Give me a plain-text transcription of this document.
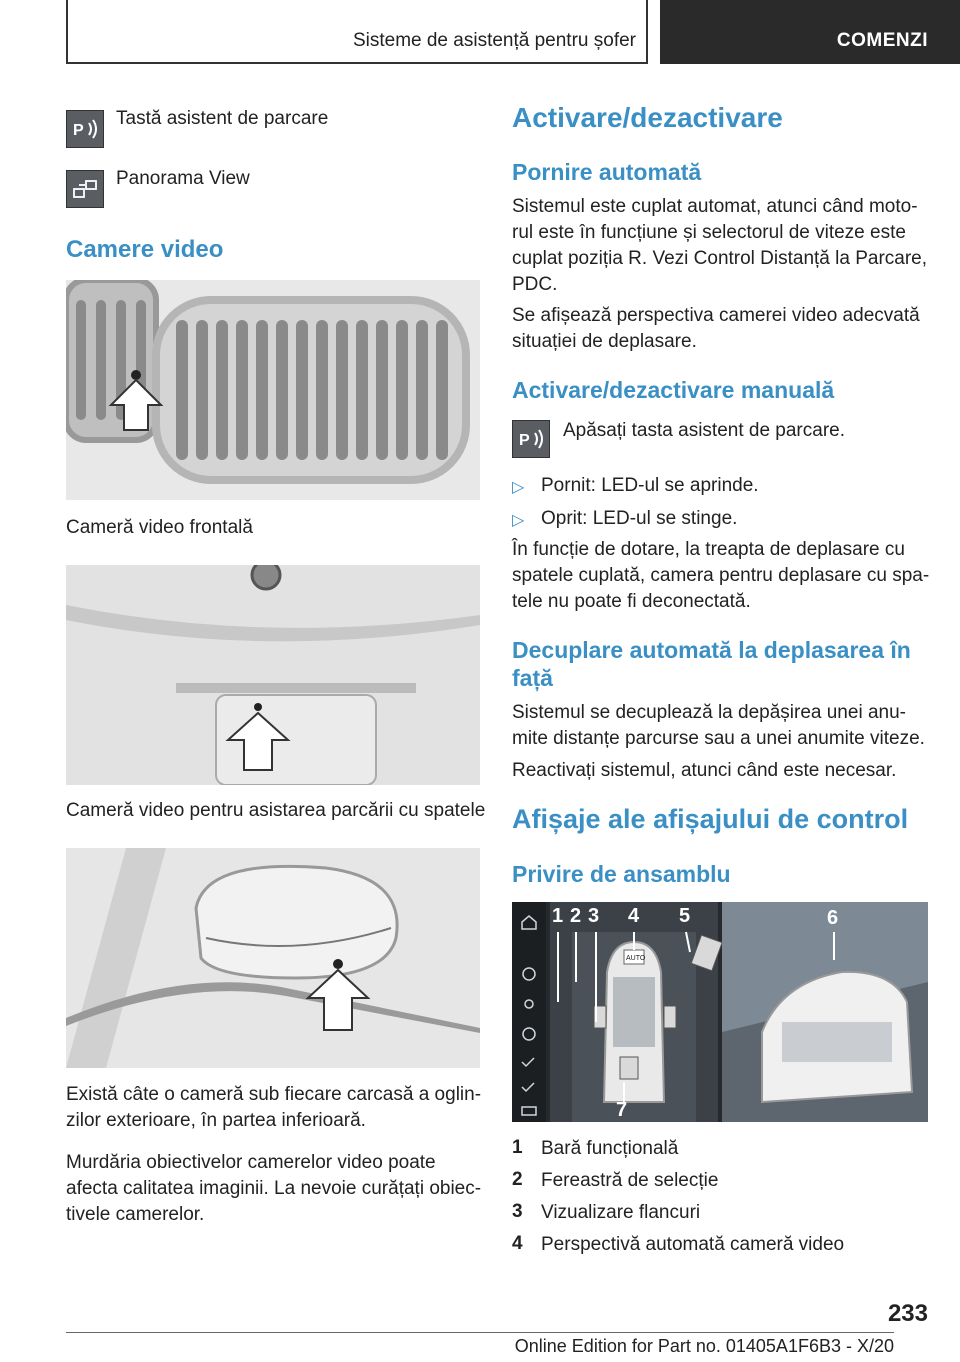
Sisteme de asistență pentru șofer	COMENZI
P
Tastă asistent de parcare
Panorama View
Camere video
Cameră video frontală
Cameră video pentru asistarea parcării cu spatele
Există câte o cameră sub fiecare carcasă a oglin-
zilor exterioare, în partea inferioară.
Murdăria obiectivelor camerelor video poate
afecta calitatea imaginii. La nevoie curățați obiec-
tivele camerelor.
Activare/dezactivare
Pornire automată
Sistemul este cuplat automat, atunci când moto-
rul este în funcțiune și selectorul de viteze este
cuplat poziția R. Vezi Control Distanță la Parcare,
PDC.
Se afișează perspectiva camerei video adecvată
situației de deplasare.
Activare/dezactivare manuală
P Apăsați tasta asistent de parcare.
▷ Pornit: LED-ul se aprinde.
▷ Oprit: LED-ul se stinge.
În funcție de dotare, la treapta de deplasare cu
spatele cuplată, camera pentru deplasare cu spa-
tele nu poate fi deconectată.
Decuplare automată la deplasarea în
față
Sistemul se decuplează la depășirea unei anu-
mite distanțe parcurse sau a unei anumite viteze.
Reactivați sistemul, atunci când este necesar.
Afișaje ale afișajului de control
Privire de ansamblu
1 2 3 4 5	6
7
AUTO
1 Bară funcțională
2 Fereastră de selecție
3 Vizualizare flancuri
4 Perspectivă automată cameră video
233
Online Edition for Part no. 01405A1F6B3 - X/20
